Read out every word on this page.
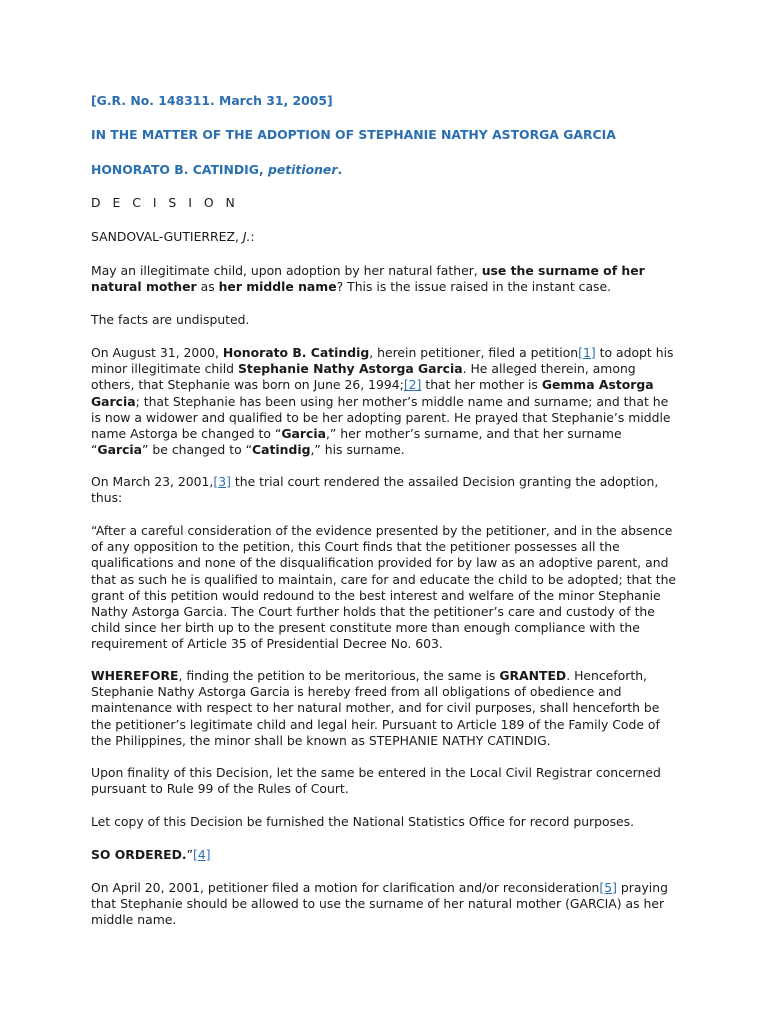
[G.R. No. 148311. March 31, 2005]

IN THE MATTER OF THE ADOPTION OF STEPHANIE NATHY ASTORGA GARCIA

HONORATO B. CATINDIG, petitioner.

D E C I S I O N

SANDOVAL-GUTIERREZ, J.:

May an illegitimate child, upon adoption by her natural father, use the surname of her natural mother as her middle name? This is the issue raised in the instant case.

The facts are undisputed.

On August 31, 2000, Honorato B. Catindig, herein petitioner, filed a petition[1] to adopt his minor illegitimate child Stephanie Nathy Astorga Garcia. He alleged therein, among others, that Stephanie was born on June 26, 1994;[2] that her mother is Gemma Astorga Garcia; that Stephanie has been using her mother’s middle name and surname; and that he is now a widower and qualified to be her adopting parent. He prayed that Stephanie’s middle name Astorga be changed to “Garcia,” her mother’s surname, and that her surname “Garcia” be changed to “Catindig,” his surname.

On March 23, 2001,[3] the trial court rendered the assailed Decision granting the adoption, thus:

“After a careful consideration of the evidence presented by the petitioner, and in the absence of any opposition to the petition, this Court finds that the petitioner possesses all the qualifications and none of the disqualification provided for by law as an adoptive parent, and that as such he is qualified to maintain, care for and educate the child to be adopted; that the grant of this petition would redound to the best interest and welfare of the minor Stephanie Nathy Astorga Garcia. The Court further holds that the petitioner’s care and custody of the child since her birth up to the present constitute more than enough compliance with the requirement of Article 35 of Presidential Decree No. 603.

WHEREFORE, finding the petition to be meritorious, the same is GRANTED. Henceforth, Stephanie Nathy Astorga Garcia is hereby freed from all obligations of obedience and maintenance with respect to her natural mother, and for civil purposes, shall henceforth be the petitioner’s legitimate child and legal heir. Pursuant to Article 189 of the Family Code of the Philippines, the minor shall be known as STEPHANIE NATHY CATINDIG.

Upon finality of this Decision, let the same be entered in the Local Civil Registrar concerned pursuant to Rule 99 of the Rules of Court.

Let copy of this Decision be furnished the National Statistics Office for record purposes.

SO ORDERED.”[4]

On April 20, 2001, petitioner filed a motion for clarification and/or reconsideration[5] praying that Stephanie should be allowed to use the surname of her natural mother (GARCIA) as her middle name.
